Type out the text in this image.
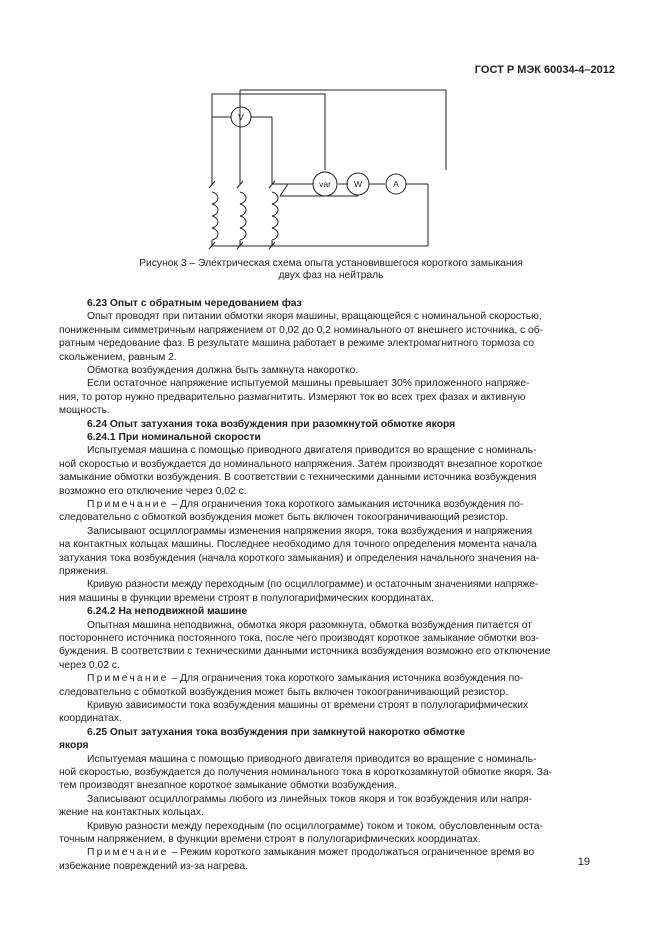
ГОСТ Р МЭК 60034-4–2012
V
var	W	A
Рисунок 3 – Электрическая схема опыта установившегося короткого замыкания
двух фаз на нейтраль
6.23 Опыт с обратным чередованием фаз
Опыт проводят при питании обмотки якоря машины, вращающейся с номинальной скоростью,
пониженным симметричным напряжением от 0,02 до 0,2 номинального от внешнего источника, с об-
ратным чередование фаз. В результате машина работает в режиме электромагнитного тормоза со
скольжением, равным 2.
Обмотка возбуждения должна быть замкнута накоротко.
Если остаточное напряжение испытуемой машины превышает 30% приложенного напряже-
ния, то ротор нужно предварительно размагнитить. Измеряют ток во всех трех фазах и активную
мощность.
6.24 Опыт затухания тока возбуждения при разомкнутой обмотке якоря
6.24.1 При номинальной скорости
Испытуемая машина с помощью приводного двигателя приводится во вращение с номиналь-
ной скоростью и возбуждается до номинального напряжения. Затем производят внезапное короткое
замыкание обмотки возбуждения. В соответствии с техническими данными источника возбуждения
возможно его отключение через 0,02 с.
Примечание – Для ограничения тока короткого замыкания источника возбуждения по-
следовательно с обмоткой возбуждения может быть включен токоограничивающий резистор.
Записывают осциллограммы изменения напряжения якоря, тока возбуждения и напряжения
на контактных кольцах машины. Последнее необходимо для точного определения момента начала
затухания тока возбуждения (начала короткого замыкания) и определения начального значения на-
пряжения.
Кривую разности между переходным (по осциллограмме) и остаточным значениями напряже-
ния машины в функции времени строят в полулогарифмических координатах.
6.24.2 На неподвижной машине
Опытная машина неподвижна, обмотка якоря разомкнута, обмотка возбуждения питается от
постороннего источника постоянного тока, после чего производят короткое замыкание обмотки воз-
буждения. В соответствии с техническими данными источника возбуждения возможно его отключение
через 0,02 с.
Примечание – Для ограничения тока короткого замыкания источника возбуждения по-
следовательно с обмоткой возбуждения может быть включен токоограничивающий резистор.
Кривую зависимости тока возбуждения машины от времени строят в полулогарифмических
координатах.
6.25 Опыт затухания тока возбуждения при замкнутой накоротко обмотке
якоря
Испытуемая машина с помощью приводного двигателя приводится во вращение с номиналь-
ной скоростью, возбуждается до получения номинального тока в короткозамкнутой обмотке якоря. За-
тем производят внезапное короткое замыкание обмотки возбуждения.
Записывают осциллограммы любого из линейных токов якоря и ток возбуждения или напря-
жение на контактных кольцах.
Кривую разности между переходным (по осциллограмме) током и током, обусловленным оста-
точным напряжением, в функции времени строят в полулогарифмических координатах.
Примечание – Режим короткого замыкания может продолжаться ограниченное время во
избежание повреждений из-за нагрева.	19
